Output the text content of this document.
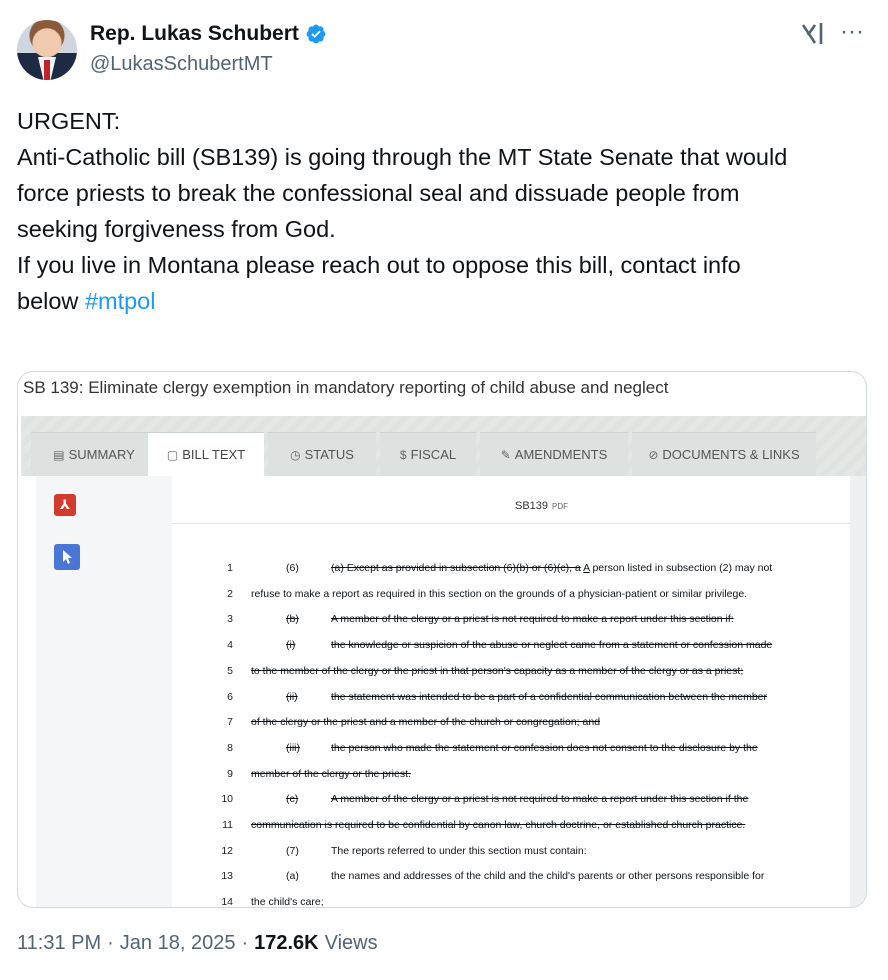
Rep. Lukas Schubert
@LukasSchubertMT
···

URGENT:

Anti-Catholic bill (SB139) is going through the MT State Senate that would

force priests to break the confessional seal and dissuade people from

seeking forgiveness from God.

If you live in Montana please reach out to oppose this bill, contact info

below #mtpol

SB 139: Eliminate clergy exemption in mandatory reporting of child abuse and neglect
▤ SUMMARY	▢ BILL TEXT	◷ STATUS	$ FISCAL	✎ AMENDMENTS	⊘ DOCUMENTS & LINKS
⅄	SB139 PDF
1	(6)	(a) Except as provided in subsection (6)(b) or (6)(c), a A person listed in subsection (2) may not
2 refuse to make a report as required in this section on the grounds of a physician-patient or similar privilege.
3	(b)	A member of the clergy or a priest is not required to make a report under this section if:
4	(i)	the knowledge or suspicion of the abuse or neglect came from a statement or confession made
5 to the member of the clergy or the priest in that person's capacity as a member of the clergy or as a priest;
6	(ii)	the statement was intended to be a part of a confidential communication between the member
7 of the clergy or the priest and a member of the church or congregation; and
8	(iii)	the person who made the statement or confession does not consent to the disclosure by the
9 member of the clergy or the priest.
10	(c)	A member of the clergy or a priest is not required to make a report under this section if the
11 communication is required to be confidential by canon law, church doctrine, or established church practice.
12	(7)	The reports referred to under this section must contain:
13	(a)	the names and addresses of the child and the child's parents or other persons responsible for
14 the child's care;
11:31 PM · Jan 18, 2025 · 172.6K Views
